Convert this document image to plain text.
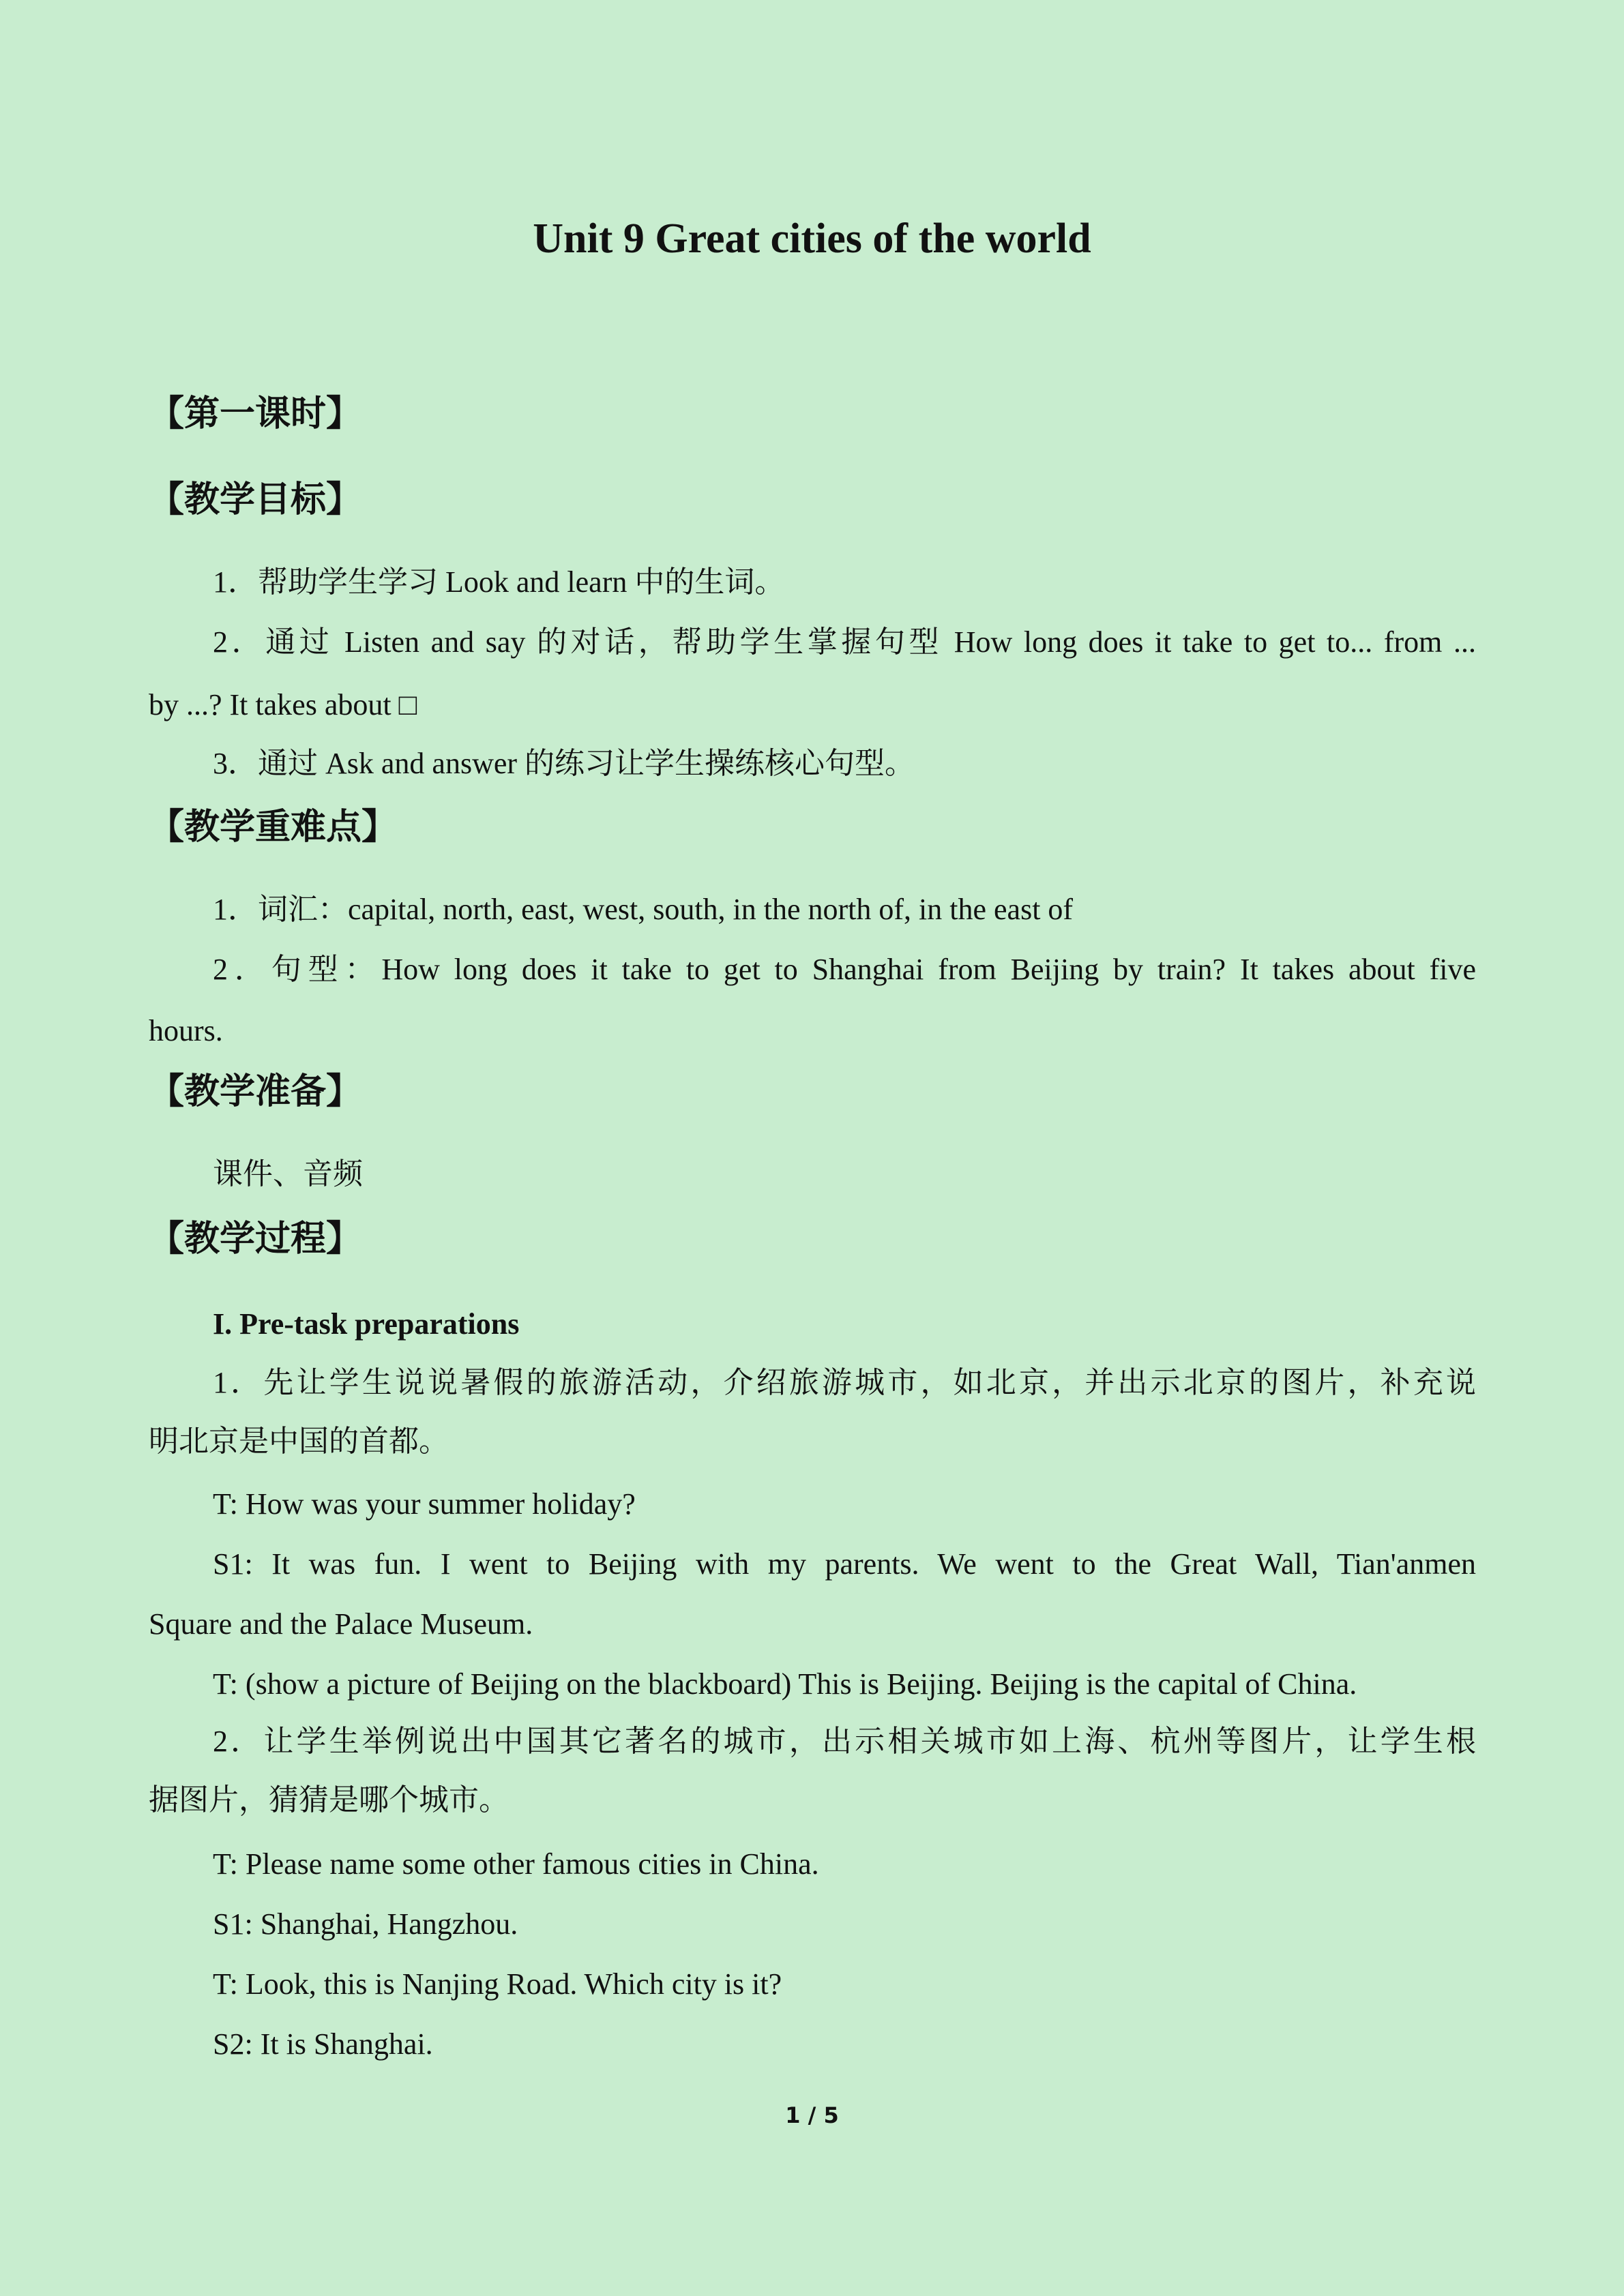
Unit 9 Great cities of the world
【第一课时】
【教学目标】
1．帮助学生学习 Look and learn 中的生词。
2．通过 Listen and say 的对话，帮助学生掌握句型 How long does it take to get to... from ...
by ...? It takes about □
3．通过 Ask and answer 的练习让学生操练核心句型。
【教学重难点】
1．词汇：capital, north, east, west, south, in the north of, in the east of
2．句型：How long does it take to get to Shanghai from Beijing by train? It takes about five
hours.
【教学准备】
课件、音频
【教学过程】
I. Pre-task preparations
1．先让学生说说暑假的旅游活动，介绍旅游城市，如北京，并出示北京的图片，补充说
明北京是中国的首都。
T: How was your summer holiday?
S1: It was fun. I went to Beijing with my parents. We went to the Great Wall, Tian'anmen
Square and the Palace Museum.
T: (show a picture of Beijing on the blackboard) This is Beijing. Beijing is the capital of China.
2．让学生举例说出中国其它著名的城市，出示相关城市如上海、杭州等图片，让学生根
据图片，猜猜是哪个城市。
T: Please name some other famous cities in China.
S1: Shanghai, Hangzhou.
T: Look, this is Nanjing Road. Which city is it?
S2: It is Shanghai.
1 / 5
